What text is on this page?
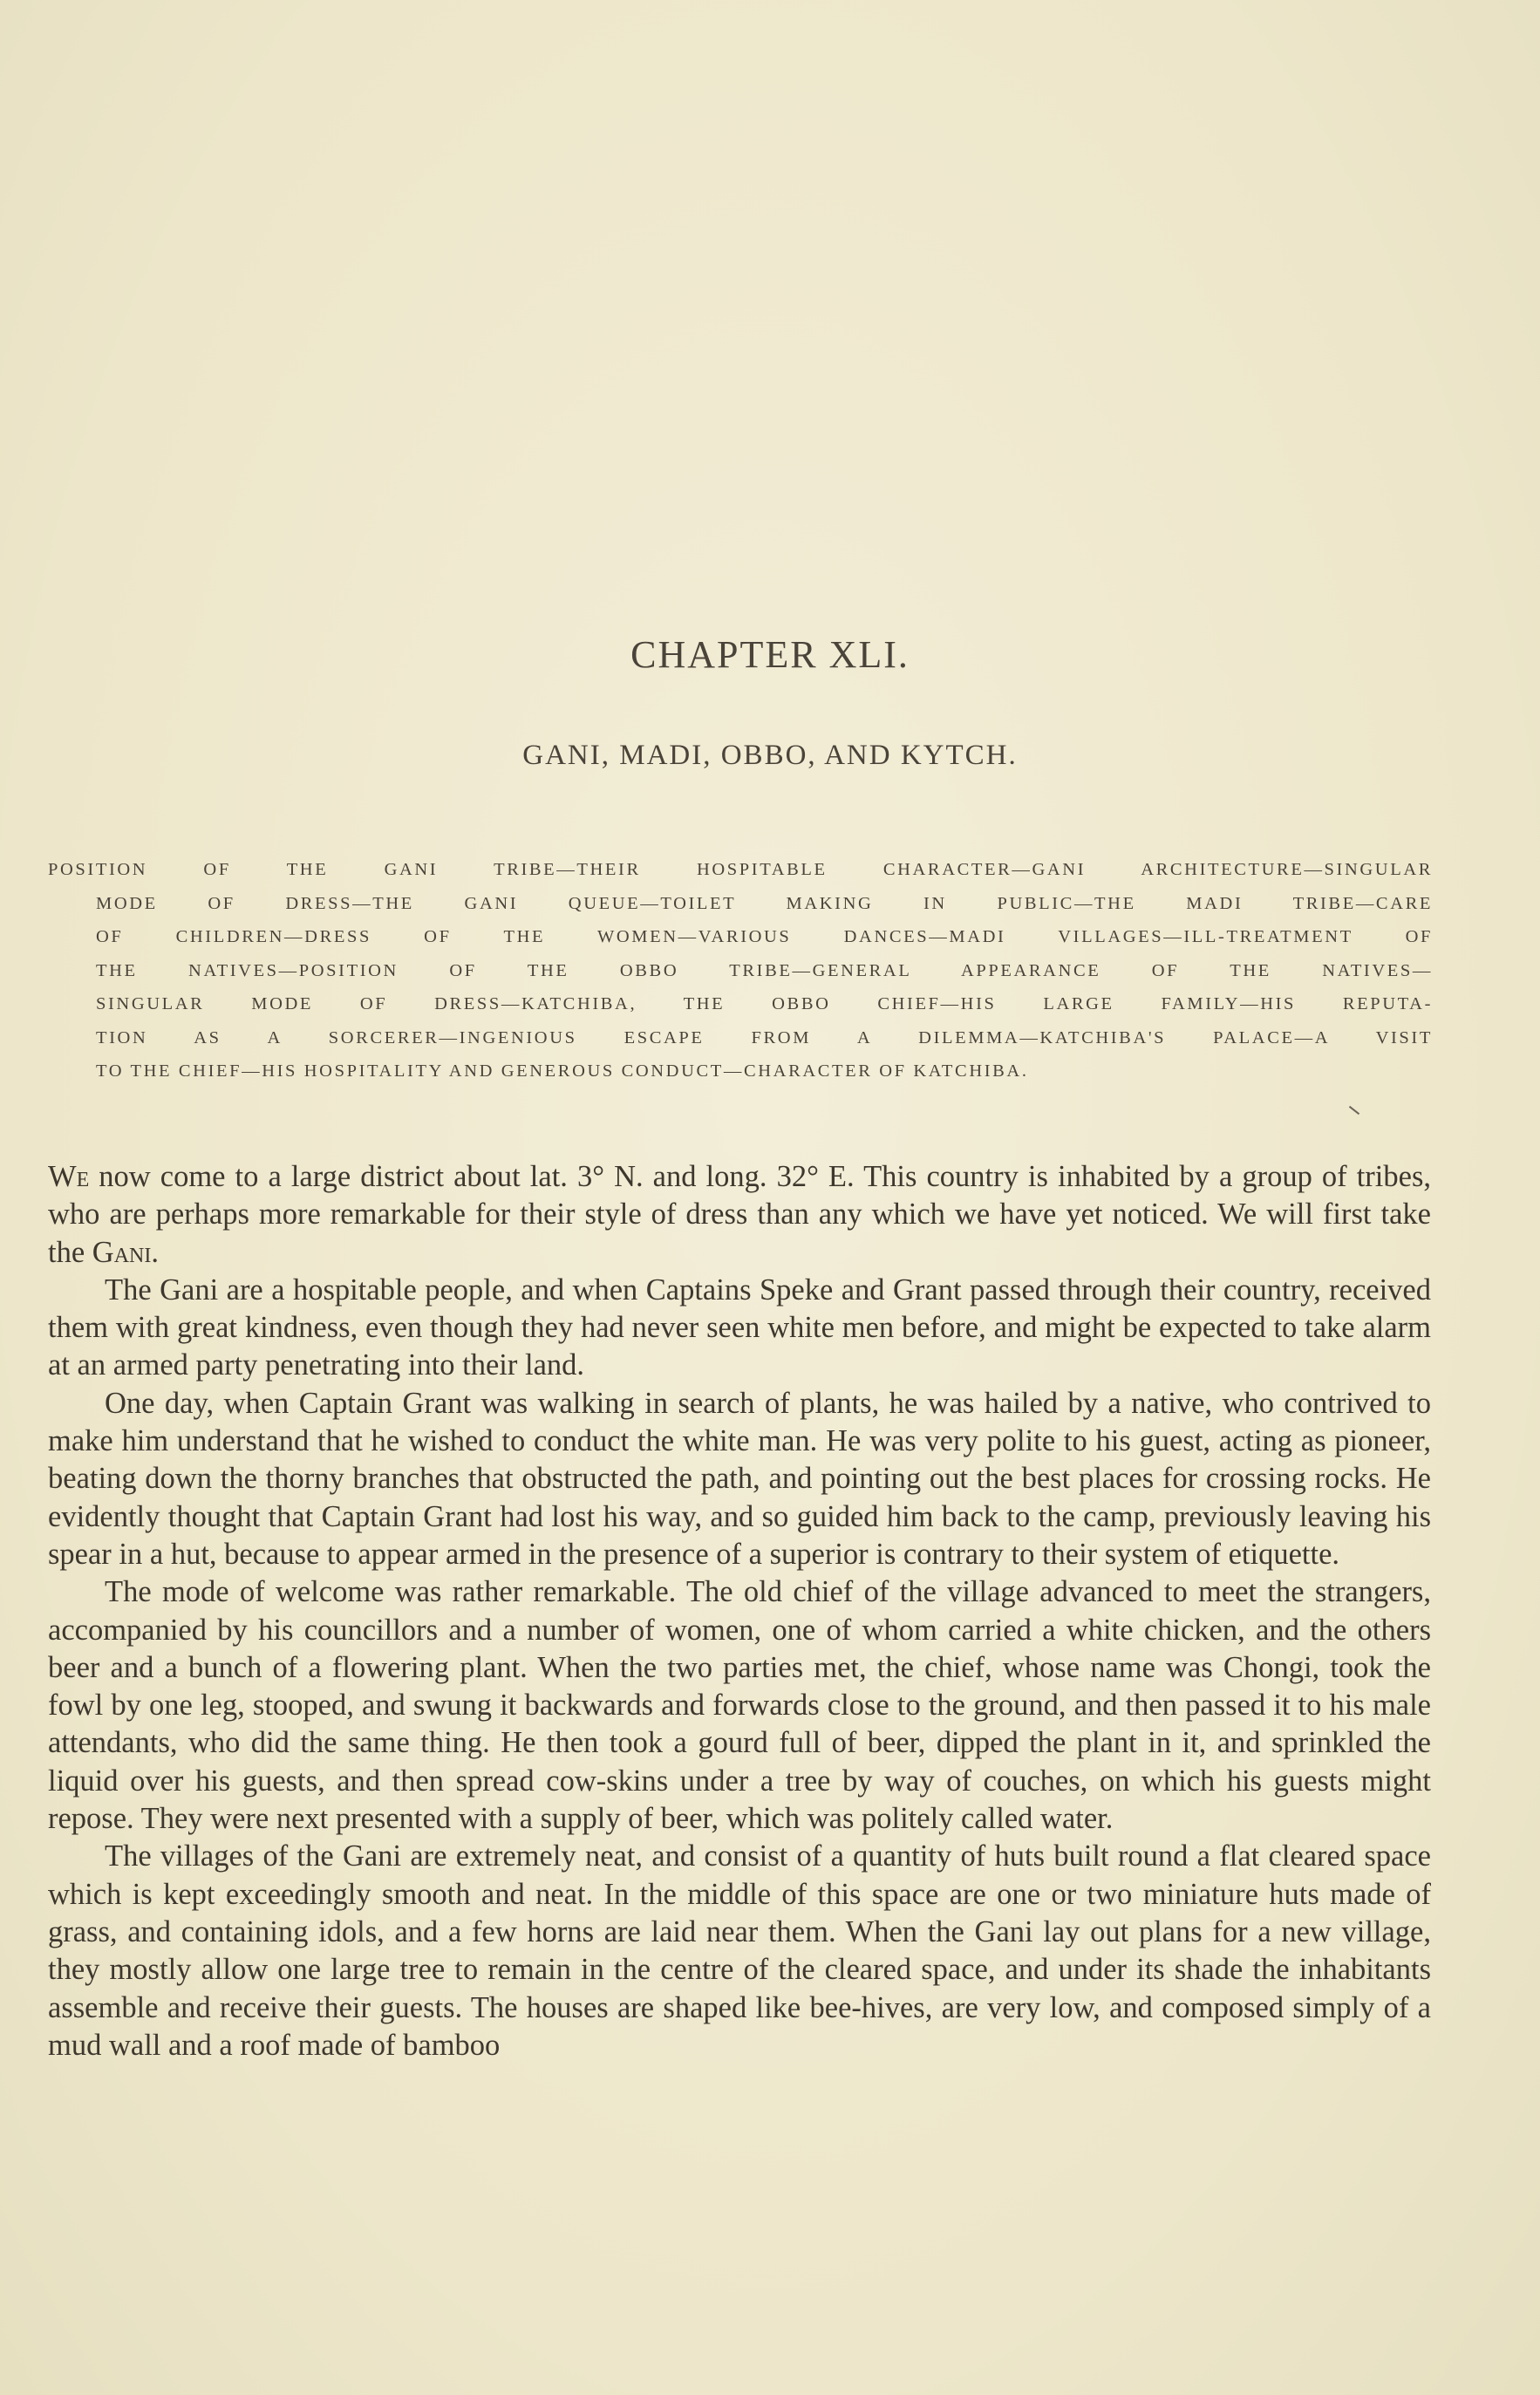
CHAPTER XLI.
GANI, MADI, OBBO, AND KYTCH.
POSITION OF THE GANI TRIBE—THEIR HOSPITABLE CHARACTER—GANI ARCHITECTURE—SINGULAR
MODE OF DRESS—THE GANI QUEUE—TOILET MAKING IN PUBLIC—THE MADI TRIBE—CARE
OF CHILDREN—DRESS OF THE WOMEN—VARIOUS DANCES—MADI VILLAGES—ILL-TREATMENT OF
THE NATIVES—POSITION OF THE OBBO TRIBE—GENERAL APPEARANCE OF THE NATIVES—
SINGULAR MODE OF DRESS—KATCHIBA, THE OBBO CHIEF—HIS LARGE FAMILY—HIS REPUTA-
TION AS A SORCERER—INGENIOUS ESCAPE FROM A DILEMMA—KATCHIBA'S PALACE—A VISIT
TO THE CHIEF—HIS HOSPITALITY AND GENEROUS CONDUCT—CHARACTER OF KATCHIBA.

We now come to a large district about lat. 3° N. and long. 32° E. This country is inhabited by a group of tribes, who are perhaps more remarkable for their style of dress than any which we have yet noticed. We will first take the Gani.

The Gani are a hospitable people, and when Captains Speke and Grant passed through their country, received them with great kindness, even though they had never seen white men before, and might be expected to take alarm at an armed party penetrating into their land.

One day, when Captain Grant was walking in search of plants, he was hailed by a native, who contrived to make him understand that he wished to conduct the white man. He was very polite to his guest, acting as pioneer, beating down the thorny branches that obstructed the path, and pointing out the best places for crossing rocks. He evidently thought that Captain Grant had lost his way, and so guided him back to the camp, previously leaving his spear in a hut, because to appear armed in the presence of a superior is contrary to their system of etiquette.

The mode of welcome was rather remarkable. The old chief of the village advanced to meet the strangers, accompanied by his councillors and a number of women, one of whom carried a white chicken, and the others beer and a bunch of a flowering plant. When the two parties met, the chief, whose name was Chongi, took the fowl by one leg, stooped, and swung it backwards and forwards close to the ground, and then passed it to his male attendants, who did the same thing. He then took a gourd full of beer, dipped the plant in it, and sprinkled the liquid over his guests, and then spread cow-skins under a tree by way of couches, on which his guests might repose. They were next presented with a supply of beer, which was politely called water.

The villages of the Gani are extremely neat, and consist of a quantity of huts built round a flat cleared space which is kept exceedingly smooth and neat. In the middle of this space are one or two miniature huts made of grass, and containing idols, and a few horns are laid near them. When the Gani lay out plans for a new village, they mostly allow one large tree to remain in the centre of the cleared space, and under its shade the inhabitants assemble and receive their guests. The houses are shaped like bee-hives, are very low, and composed simply of a mud wall and a roof made of bamboo
